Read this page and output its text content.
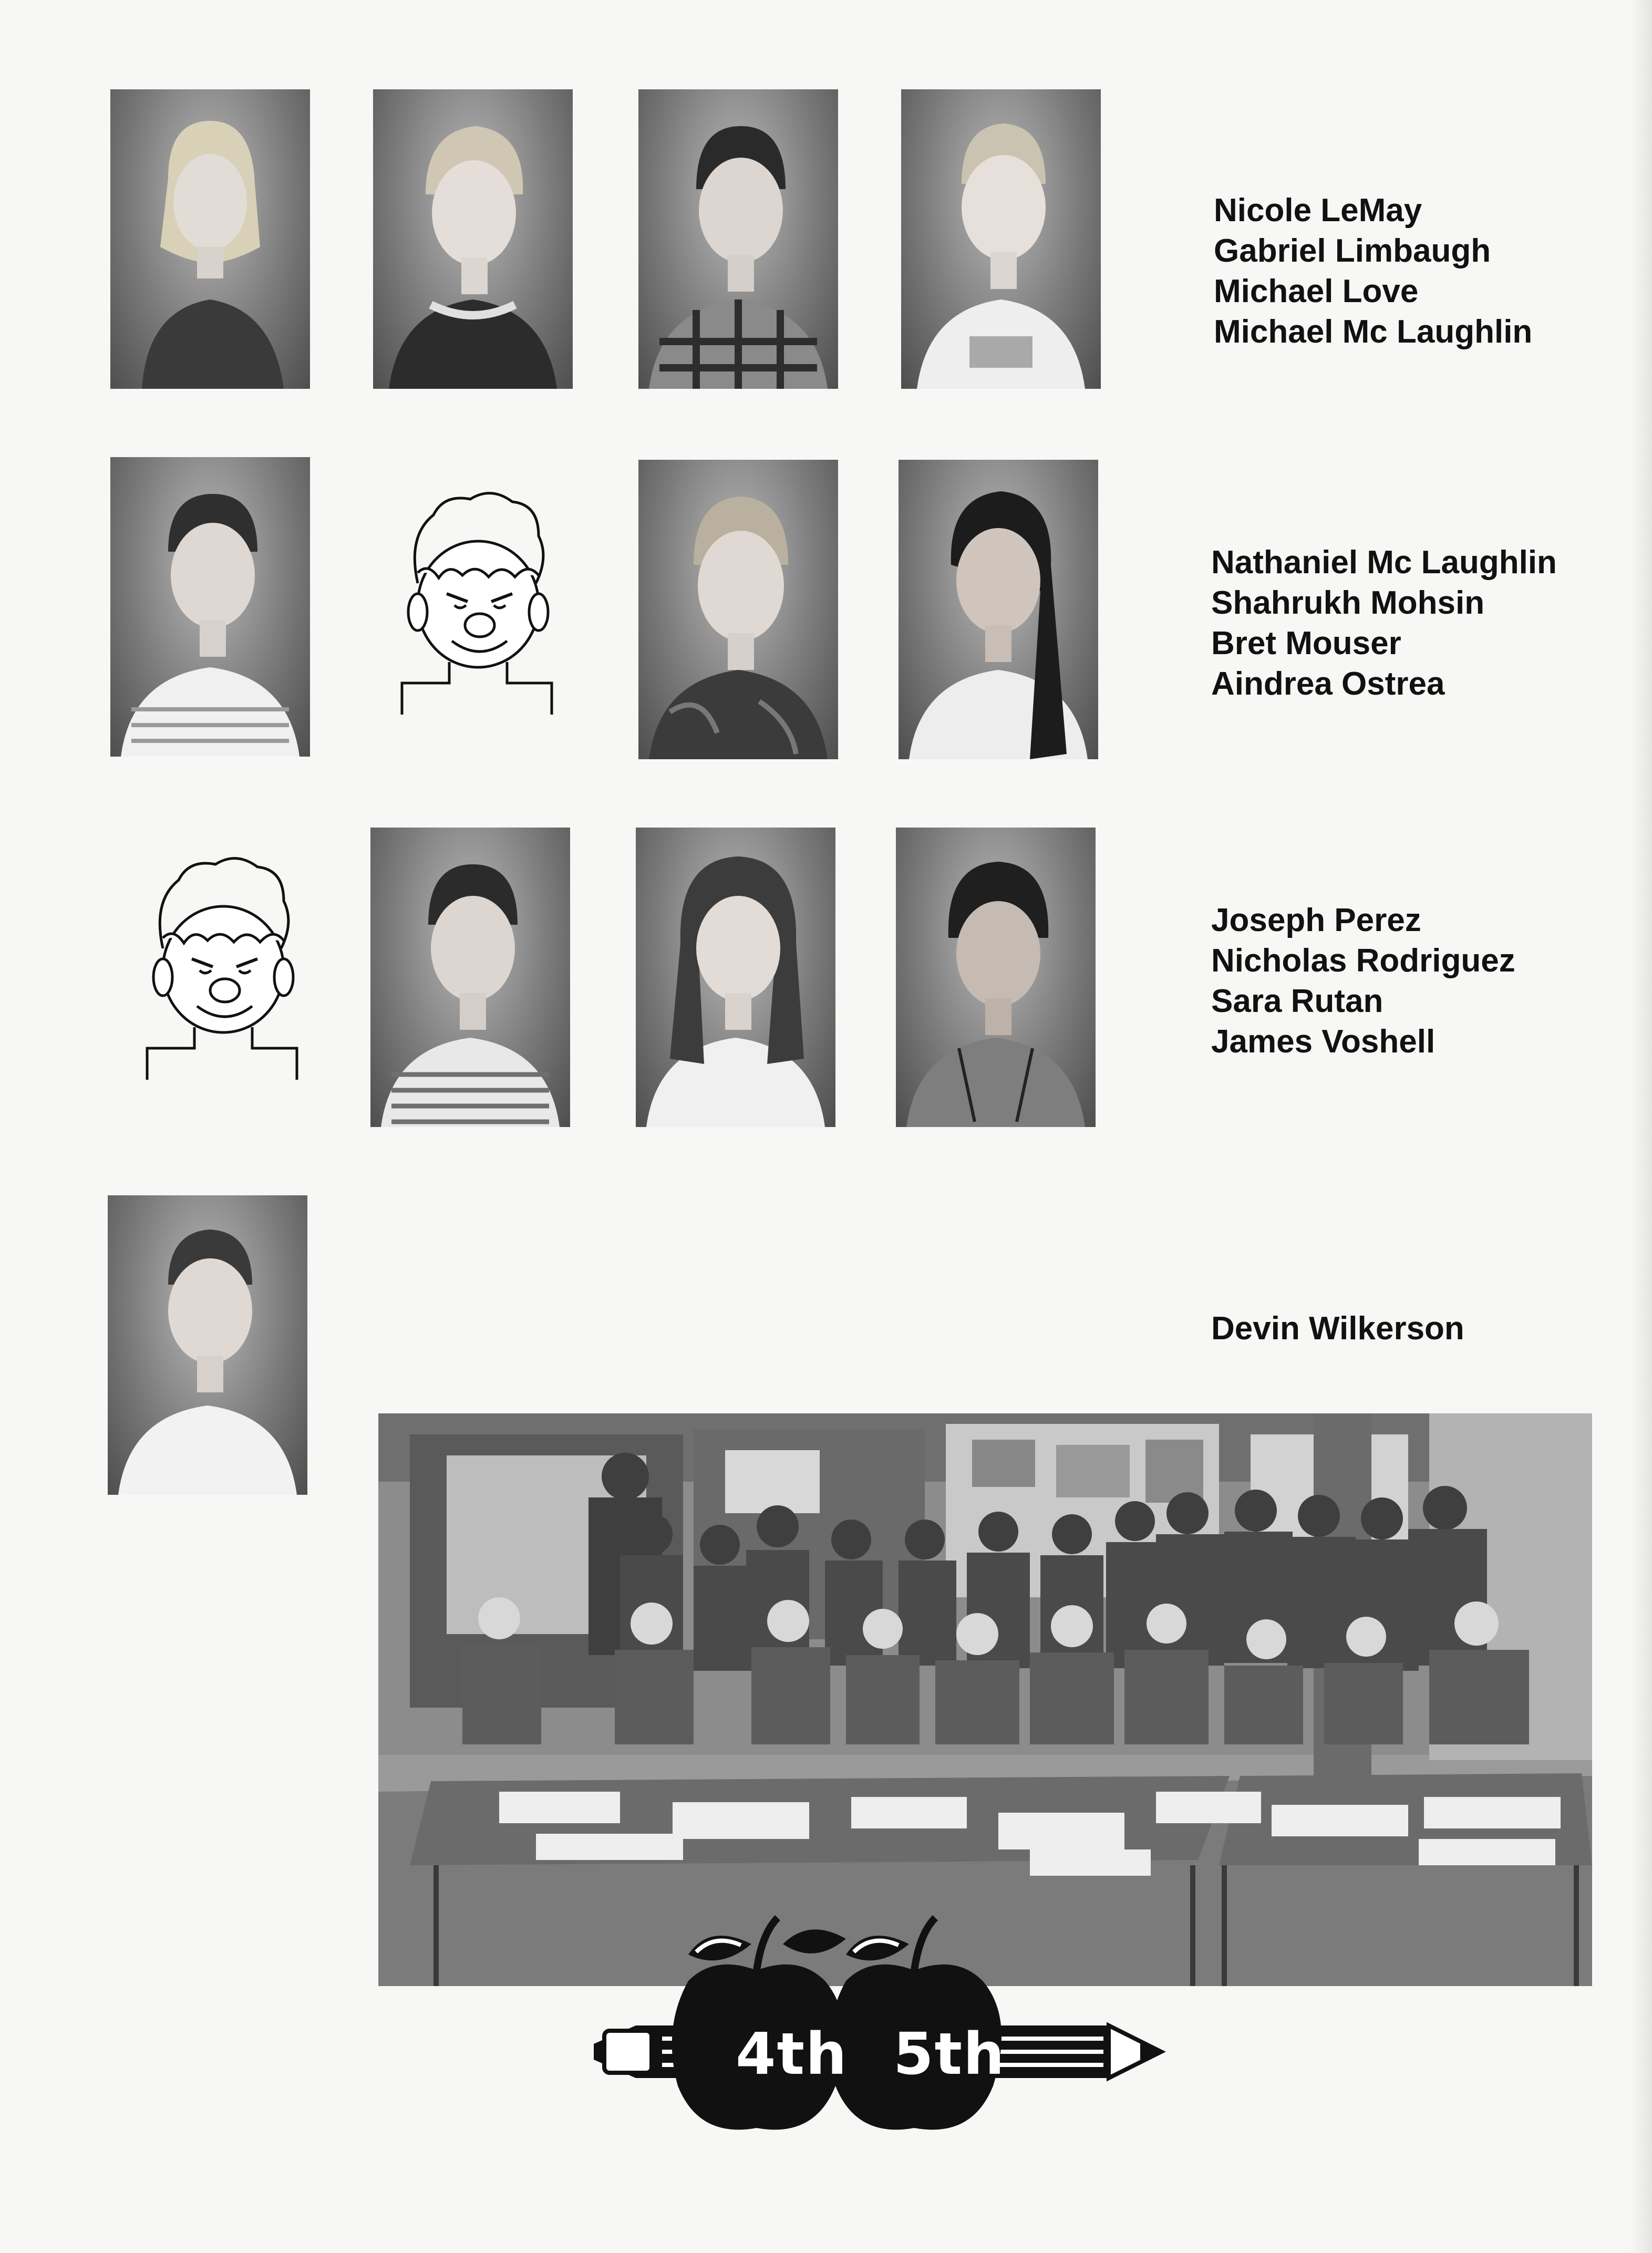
Nicole LeMay
Gabriel Limbaugh
Michael Love
Michael Mc Laughlin
Nathaniel Mc Laughlin
Shahrukh Mohsin
Bret Mouser
Aindrea Ostrea
Joseph Perez
Nicholas Rodriguez
Sara Rutan
James Voshell
Devin Wilkerson
4th 5th
